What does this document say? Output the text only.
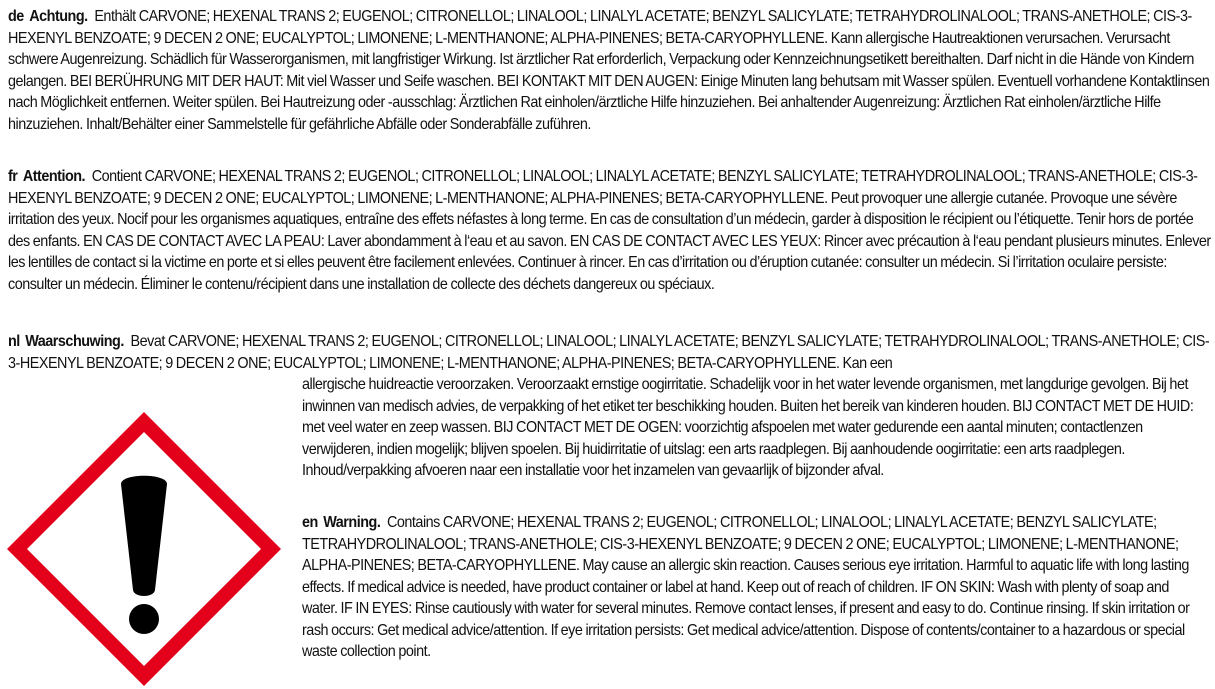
de Achtung. Enthält CARVONE; HEXENAL TRANS 2; EUGENOL; CITRONELLOL; LINALOOL; LINALYL ACETATE; BENZYL SALICYLATE; TETRAHYDROLINALOOL; TRANS-ANETHOLE; CIS-3-HEXENYL BENZOATE; 9 DECEN 2 ONE; EUCALYPTOL; LIMONENE; L-MENTHANONE; ALPHA-PINENES; BETA-CARYOPHYLLENE. Kann allergische Hautreaktionen verursachen. Verursacht schwere Augenreizung. Schädlich für Wasserorganismen, mit langfristiger Wirkung. Ist ärztlicher Rat erforderlich, Verpackung oder Kennzeichnungsetikett bereithalten. Darf nicht in die Hände von Kindern gelangen. BEI BERÜHRUNG MIT DER HAUT: Mit viel Wasser und Seife waschen. BEI KONTAKT MIT DEN AUGEN: Einige Minuten lang behutsam mit Wasser spülen. Eventuell vorhandene Kontaktlinsen nach Möglichkeit entfernen. Weiter spülen. Bei Hautreizung oder -ausschlag: Ärztlichen Rat einholen/ärztliche Hilfe hinzuziehen. Bei anhaltender Augenreizung: Ärztlichen Rat einholen/ärztliche Hilfe hinzuziehen. Inhalt/Behälter einer Sammelstelle für gefährliche Abfälle oder Sonderabfälle zuführen.
fr Attention. Contient CARVONE; HEXENAL TRANS 2; EUGENOL; CITRONELLOL; LINALOOL; LINALYL ACETATE; BENZYL SALICYLATE; TETRAHYDROLINALOOL; TRANS-ANETHOLE; CIS-3-HEXENYL BENZOATE; 9 DECEN 2 ONE; EUCALYPTOL; LIMONENE; L-MENTHANONE; ALPHA-PINENES; BETA-CARYOPHYLLENE. Peut provoquer une allergie cutanée. Provoque une sévère irritation des yeux. Nocif pour les organismes aquatiques, entraîne des effets néfastes à long terme. En cas de consultation d’un médecin, garder à disposition le récipient ou l’étiquette. Tenir hors de portée des enfants. EN CAS DE CONTACT AVEC LA PEAU: Laver abondamment à l‘eau et au savon. EN CAS DE CONTACT AVEC LES YEUX: Rincer avec précaution à l‘eau pendant plusieurs minutes. Enlever les lentilles de contact si la victime en porte et si elles peuvent être facilement enlevées. Continuer à rincer. En cas d’irritation ou d’éruption cutanée: consulter un médecin. Si l’irritation oculaire persiste: consulter un médecin. Éliminer le contenu/récipient dans une installation de collecte des déchets dangereux ou spéciaux.
nl Waarschuwing. Bevat CARVONE; HEXENAL TRANS 2; EUGENOL; CITRONELLOL; LINALOOL; LINALYL ACETATE; BENZYL SALICYLATE; TETRAHYDROLINALOOL; TRANS-ANETHOLE; CIS-3-HEXENYL BENZOATE; 9 DECEN 2 ONE; EUCALYPTOL; LIMONENE; L-MENTHANONE; ALPHA-PINENES; BETA-CARYOPHYLLENE. Kan een
allergische huidreactie veroorzaken. Veroorzaakt ernstige oogirritatie. Schadelijk voor in het water levende organismen, met langdurige gevolgen. Bij het inwinnen van medisch advies, de verpakking of het etiket ter beschikking houden. Buiten het bereik van kinderen houden. BIJ CONTACT MET DE HUID: met veel water en zeep wassen. BIJ CONTACT MET DE OGEN: voorzichtig afspoelen met water gedurende een aantal minuten; contactlenzen verwijderen, indien mogelijk; blijven spoelen. Bij huidirritatie of uitslag: een arts raadplegen. Bij aanhoudende oogirritatie: een arts raadplegen. Inhoud/verpakking afvoeren naar een installatie voor het inzamelen van gevaarlijk of bijzonder afval.
en Warning. Contains CARVONE; HEXENAL TRANS 2; EUGENOL; CITRONELLOL; LINALOOL; LINALYL ACETATE; BENZYL SALICYLATE; TETRAHYDROLINALOOL; TRANS-ANETHOLE; CIS-3-HEXENYL BENZOATE; 9 DECEN 2 ONE; EUCALYPTOL; LIMONENE; L-MENTHANONE; ALPHA-PINENES; BETA-CARYOPHYLLENE. May cause an allergic skin reaction. Causes serious eye irritation. Harmful to aquatic life with long lasting effects. If medical advice is needed, have product container or label at hand. Keep out of reach of children. IF ON SKIN: Wash with plenty of soap and water. IF IN EYES: Rinse cautiously with water for several minutes. Remove contact lenses, if present and easy to do. Continue rinsing. If skin irritation or rash occurs: Get medical advice/attention. If eye irritation persists: Get medical advice/attention. Dispose of contents/container to a hazardous or special waste collection point.
